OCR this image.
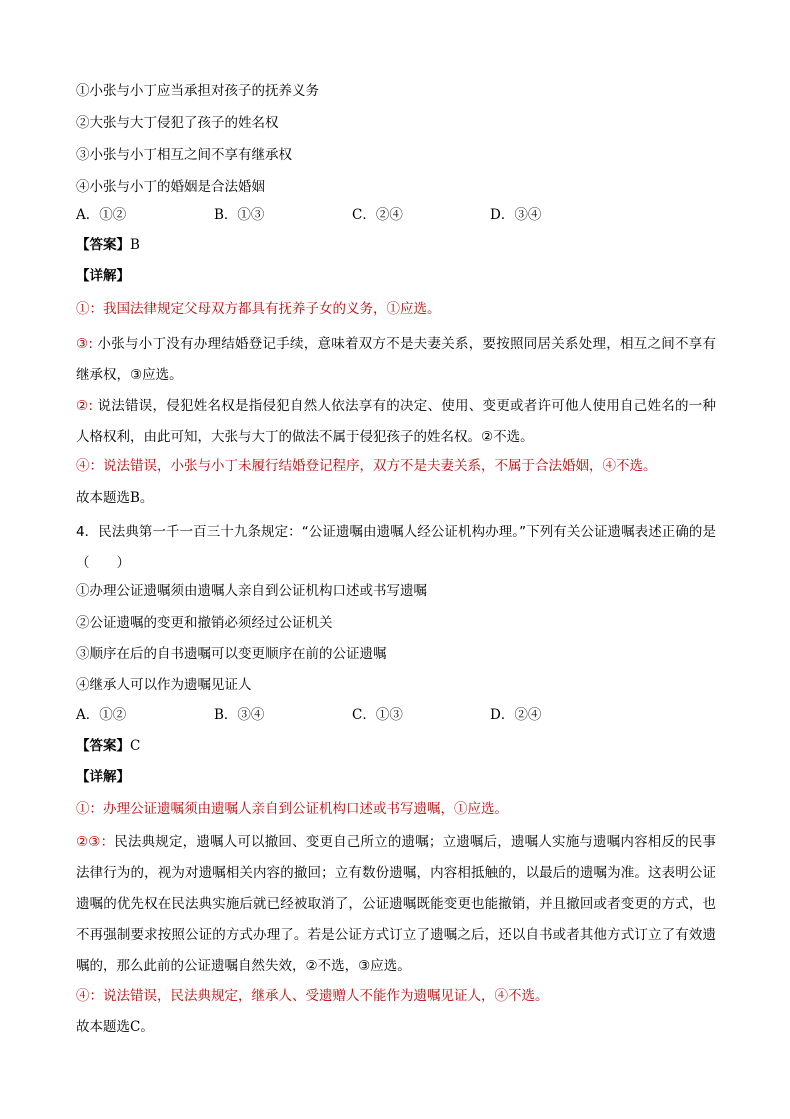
①小张与小丁应当承担对孩子的抚养义务
②大张与大丁侵犯了孩子的姓名权
③小张与小丁相互之间不享有继承权
④小张与小丁的婚姻是合法婚姻
A．①②	B．①③	C．②④	D．③④
【答案】B
【详解】
①：我国法律规定父母双方都具有抚养子女的义务，①应选。
③: 小张与小丁没有办理结婚登记手续，意味着双方不是夫妻关系，要按照同居关系处理，相互之间不享有继承权，③应选。
②: 说法错误，侵犯姓名权是指侵犯自然人依法享有的决定、使用、变更或者许可他人使用自己姓名的一种人格权利，由此可知，大张与大丁的做法不属于侵犯孩子的姓名权。②不选。
④：说法错误，小张与小丁未履行结婚登记程序，双方不是夫妻关系，不属于合法婚姻，④不选。
故本题选B。
4．民法典第一千一百三十九条规定：“公证遗嘱由遗嘱人经公证机构办理。”下列有关公证遗嘱表述正确的是（　　）
①办理公证遗嘱须由遗嘱人亲自到公证机构口述或书写遗嘱
②公证遗嘱的变更和撤销必须经过公证机关
③顺序在后的自书遗嘱可以变更顺序在前的公证遗嘱
④继承人可以作为遗嘱见证人
A．①②	B．③④	C．①③	D．②④
【答案】C
【详解】
①：办理公证遗嘱须由遗嘱人亲自到公证机构口述或书写遗嘱，①应选。
②③：民法典规定，遗嘱人可以撤回、变更自己所立的遗嘱；立遗嘱后，遗嘱人实施与遗嘱内容相反的民事法律行为的，视为对遗嘱相关内容的撤回；立有数份遗嘱，内容相抵触的，以最后的遗嘱为准。这表明公证遗嘱的优先权在民法典实施后就已经被取消了，公证遗嘱既能变更也能撤销，并且撤回或者变更的方式，也不再强制要求按照公证的方式办理了。若是公证方式订立了遗嘱之后，还以自书或者其他方式订立了有效遗嘱的，那么此前的公证遗嘱自然失效，②不选，③应选。
④：说法错误，民法典规定，继承人、受遗赠人不能作为遗嘱见证人，④不选。
故本题选C。
